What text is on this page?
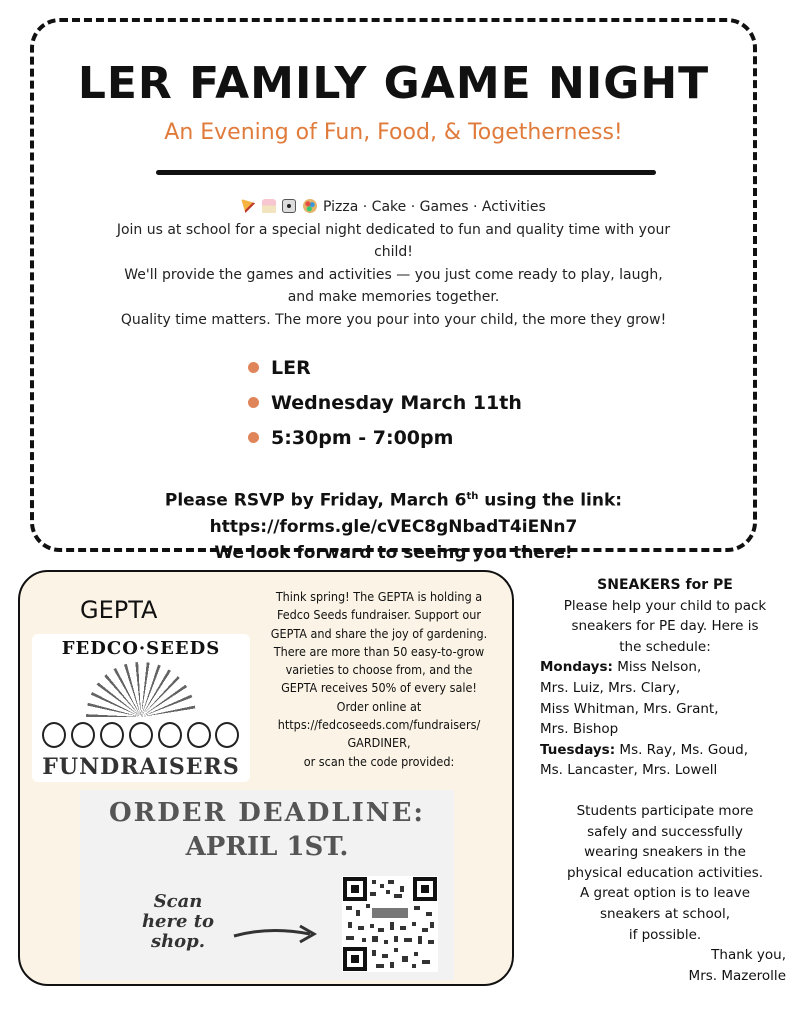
LER FAMILY GAME NIGHT
An Evening of Fun, Food, & Togetherness!
Pizza · Cake · Games · Activities
Join us at school for a special night dedicated to fun and quality time with your
child!
We'll provide the games and activities — you just come ready to play, laugh,
and make memories together.
Quality time matters. The more you pour into your child, the more they grow!
LER
Wednesday March 11th
5:30pm - 7:00pm
Please RSVP by Friday, March 6th using the link:
https://forms.gle/cVEC8gNbadT4iENn7
We look forward to seeing you there!
GEPTA
FEDCO·SEEDS
FUNDRAISERS
Think spring! The GEPTA is holding a
Fedco Seeds fundraiser. Support our
GEPTA and share the joy of gardening.
There are more than 50 easy-to-grow
varieties to choose from, and the
GEPTA receives 50% of every sale!
Order online at
https://fedcoseeds.com/fundraisers/
GARDINER,
or scan the code provided:
ORDER DEADLINE:
APRIL 1ST.
Scan here to shop.
SNEAKERS for PE
Please help your child to pack
sneakers for PE day. Here is
the schedule:
Mondays: Miss Nelson,
Mrs. Luiz, Mrs. Clary,
Miss Whitman, Mrs. Grant,
Mrs. Bishop
Tuesdays: Ms. Ray, Ms. Goud,
Ms. Lancaster, Mrs. Lowell
Students participate more
safely and successfully
wearing sneakers in the
physical education activities.
A great option is to leave
sneakers at school,
if possible.
Thank you,
Mrs. Mazerolle
